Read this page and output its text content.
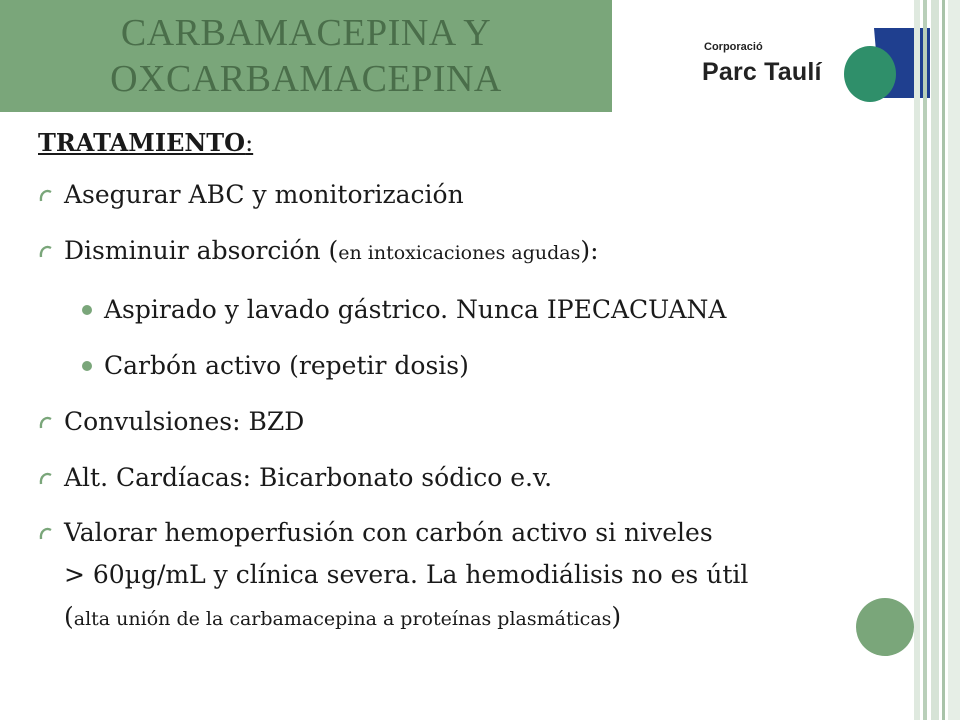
CARBAMACEPINA Y
OXCARBAMACEPINA
Corporació
Parc Taulí
TRATAMIENTO:
Asegurar ABC y monitorización
Disminuir absorción (en intoxicaciones agudas):
Aspirado y lavado gástrico. Nunca IPECACUANA
Carbón activo (repetir dosis)
Convulsiones: BZD
Alt. Cardíacas: Bicarbonato sódico e.v.
Valorar hemoperfusión con carbón activo si niveles
> 60µg/mL y clínica severa. La hemodiálisis no es útil
(alta unión de la carbamacepina a proteínas plasmáticas)
